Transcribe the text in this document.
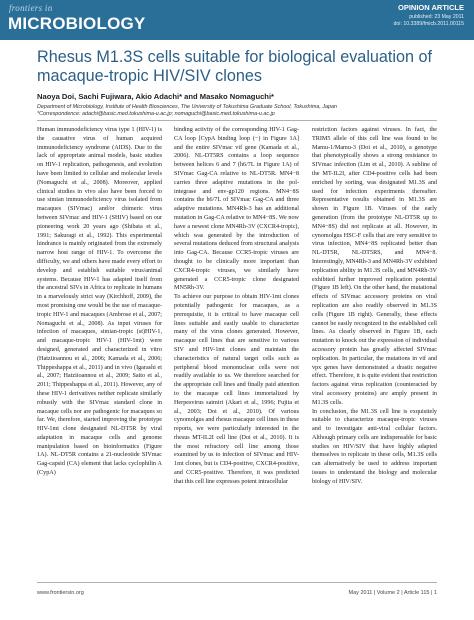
frontiers in
MICROBIOLOGY
OPINION ARTICLE
published: 23 May 2011
doi: 10.3389/fmicb.2011.00115
Rhesus M1.3S cells suitable for biological evaluation of macaque-tropic HIV/SIV clones
Naoya Doi, Sachi Fujiwara, Akio Adachi* and Masako Nomaguchi*
Department of Microbiology, Institute of Health Biosciences, The University of Tokushima Graduate School, Tokushima, Japan
*Correspondence: adachi@basic.med.tokushima-u.ac.jp; nomaguchi@basic.med.tokushima-u.ac.jp

Human immunodeficiency virus type 1 (HIV-1) is the causative virus of human acquired immunodeficiency syndrome (AIDS). Due to the lack of appropriate animal models, basic studies on HIV-1 replication, pathogenesis, and evolution have been limited to cellular and molecular levels (Nomaguchi et al., 2008). Moreover, applied clinical studies in vivo also have been forced to use simian immunodeficiency virus isolated from macaques (SIVmac) and/or chimeric virus between SIVmac and HIV-1 (SHIV) based on our pioneering work 20 years ago (Shibata et al., 1991; Sakuragi et al., 1992). This experimental hindrance is mainly originated from the extremely narrow host range of HIV-1. To overcome the difficulty, we and others have made every effort to develop and establish suitable virus/animal systems. Because HIV-1 has adapted itself from the ancestral SIVs in Africa to replicate in humans in a marvelously strict way (Kirchhoff, 2009), the most promising one would be the use of macaque-tropic HIV-1 and macaques (Ambrose et al., 2007; Nomaguchi et al., 2008). As input viruses for infection of macaques, simian-tropic (st)HIV-1, and macaque-tropic HIV-1 (HIV-1mt) were designed, generated and characterized in vitro (Hatziioannou et al., 2006; Kamada et al., 2006; Thippeshappa et al., 2011) and in vivo (Igarashi et al., 2007; Hatziioannou et al., 2009; Saito et al., 2011; Thippeshappa et al., 2011). However, any of these HIV-1 derivatives neither replicate similarly robustly with the SIVmac standard clone in macaque cells nor are pathogenic for macaques so far. We, therefore, started improving the prototype HIV-1mt clone designated NL-DT5R by viral adaptation in macaque cells and genome manipulation based on bioinformatics (Figure 1A). NL-DT5R contains a 21-nucleotide SIVmac Gag-capsid (CA) element that lacks cyclophilin A (CypA)

binding activity of the corresponding HIV-1 Gag-CA loop [CypA binding loop (−) in Figure 1A] and the entire SIVmac vif gene (Kamada et al., 2006). NL-DT5RS contains a loop sequence between helices 6 and 7 (h6/7L in Figure 1A) of SIVmac Gag-CA relative to NL-DT5R. MN4−8 carries three adaptive mutations in the pol-integrase and env-gp120 regions. MN4−8S contains the h6/7L of SIVmac Gag-CA and three adaptive mutations. MN4Rh-3 has an additional mutation in Gag-CA relative to MN4−8S. We now have a newest clone MN4Rh-3V (CXCR4-tropic), which was generated by the introduction of several mutations deduced from structural analysis into Gag-CA. Because CCR5-tropic viruses are thought to be clinically more important than CXCR4-tropic viruses, we similarly have generated a CCR5-tropic clone designated MN5Rh-3V.
To achieve our purpose to obtain HIV-1mt clones potentially pathogenic for macaques, as a prerequisite, it is critical to have macaque cell lines suitable and easily usable to characterize many of the virus clones generated. However, macaque cell lines that are sensitive to various SIV and HIV-1mt clones and maintain the characteristics of natural target cells such as peripheral blood mononuclear cells were not readily available to us. We therefore searched for the appropriate cell lines and finally paid attention to the macaque cell lines immortalized by Herpesvirus saimiri (Akari et al., 1996; Fujita et al., 2003; Doi et al., 2010). Of various cynomolgus and rhesus macaque cell lines in these reports, we were particularly interested in the rhesus MT-IL2I cell line (Doi et al., 2010). It is the most refractory cell line among those examined by us to infection of SIVmac and HIV-1mt clones, but is CD4-positive, CXCR4-positive, and CCR5-positive. Therefore, it was predicted that this cell line expresses potent intracellular

restriction factors against viruses. In fact, the TRIM5 allele of this cell line was found to be Mamu-1/Mamu-3 (Doi et al., 2010), a genotype that phenotypically shows a strong resistance to SIVmac infection (Lim et al., 2010). A subline of the MT-IL2I, after CD4-positive cells had been enriched by sorting, was designated M1.3S and used for infection experiments thereafter. Representative results obtained in M1.3S are shown in Figure 1B. Viruses of the early generation (from the prototype NL-DT5R up to MN4−8S) did not replicate at all. However, in cynomolgus HSC-F cells that are very sensitive to virus infection, MN4−8S replicated better than NL-DT5R, NL-DT5RS, and MN4−8. Interestingly, MN4Rh-3 and MN4Rh-3V exhibited replication ability in M1.3S cells, and MN4Rh-3V exhibited further improved replication potential (Figure 1B left). On the other hand, the mutational effects of SIVmac accessory proteins on viral replication are also readily observed in M1.3S cells (Figure 1B right). Generally, these effects cannot be easily recognized in the established cell lines. As clearly observed in Figure 1B, each mutation to knock out the expression of individual accessory protein has greatly affected SIVmac replication. In particular, the mutations in vif and vpx genes have demonstrated a drastic negative effect. Therefore, it is quite evident that restriction factors against virus replication (counteracted by viral accessory proteins) are amply present in M1.3S cells.
In conclusion, the M1.3S cell line is exquisitely suitable to characterize macaque-tropic viruses and to investigate anti-viral cellular factors. Although primary cells are indispensable for basic studies on HIV/SIV that have highly adapted themselves to replicate in these cells, M1.3S cells can alternatively be used to address important issues to understand the biology and molecular biology of HIV/SIV.

www.frontiersin.org	May 2011 | Volume 2 | Article 115 | 1
